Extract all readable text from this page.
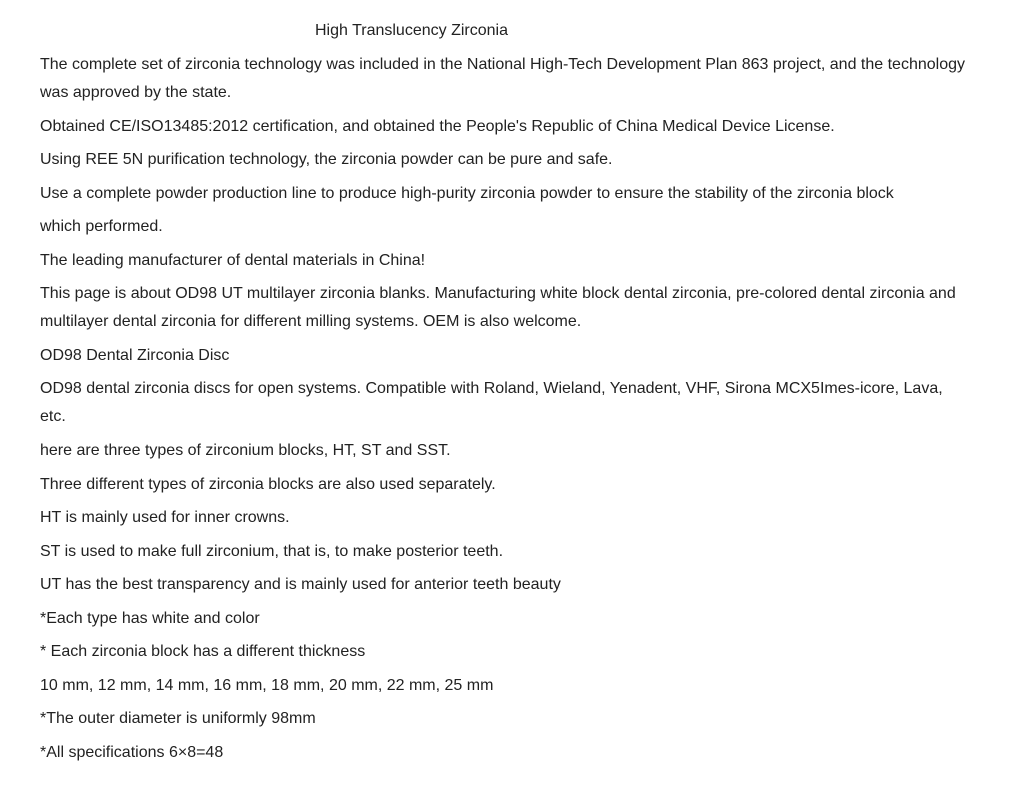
High Translucency Zirconia

The complete set of zirconia technology was included in the National High-Tech Development Plan 863 project, and the technology was approved by the state.

Obtained CE/ISO13485:2012 certification, and obtained the People's Republic of China Medical Device License.

Using REE 5N purification technology, the zirconia powder can be pure and safe.

Use a complete powder production line to produce high-purity zirconia powder to ensure the stability of the zirconia block

which performed.

The leading manufacturer of dental materials in China!

This page is about OD98 UT multilayer zirconia blanks. Manufacturing white block dental zirconia, pre-colored dental zirconia and multilayer dental zirconia for different milling systems. OEM is also welcome.

OD98 Dental Zirconia Disc

OD98 dental zirconia discs for open systems. Compatible with Roland, Wieland, Yenadent, VHF, Sirona MCX5Imes-icore, Lava, etc.

here are three types of zirconium blocks, HT, ST and SST.

Three different types of zirconia blocks are also used separately.

HT is mainly used for inner crowns.

ST is used to make full zirconium, that is, to make posterior teeth.

UT has the best transparency and is mainly used for anterior teeth beauty

*Each type has white and color

* Each zirconia block has a different thickness

10 mm, 12 mm, 14 mm, 16 mm, 18 mm, 20 mm, 22 mm, 25 mm

*The outer diameter is uniformly 98mm

*All specifications 6×8=48
